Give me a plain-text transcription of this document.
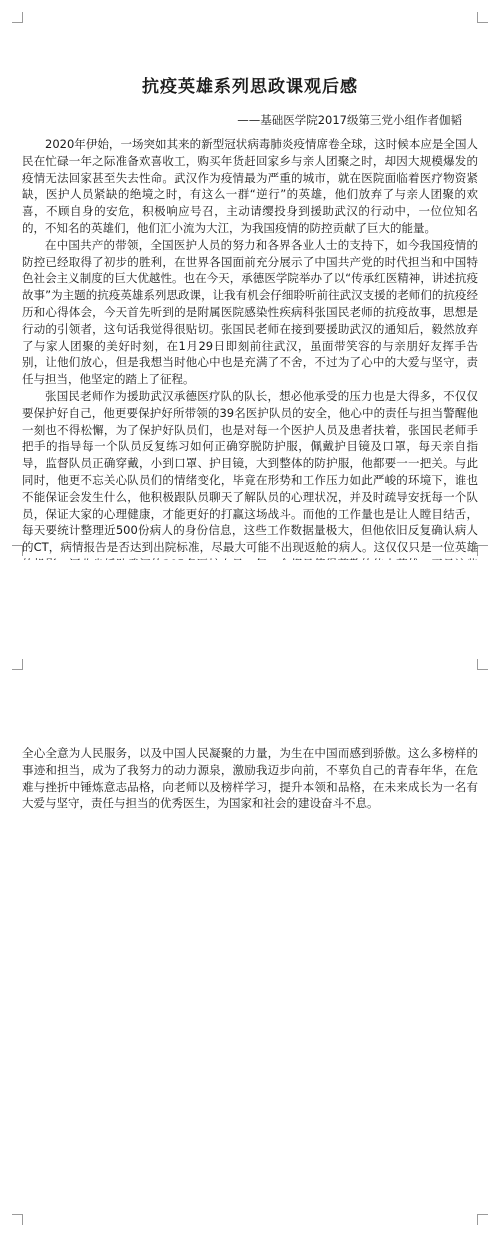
抗疫英雄系列思政课观后感

——基础医学院2017级第三党小组作者伽韬

2020年伊始，一场突如其来的新型冠状病毒肺炎疫情席卷全球，这时候本应是全国人民在忙碌一年之际准备欢喜收工，购买年货赶回家乡与亲人团聚之时，却因大规模爆发的疫情无法回家甚至失去性命。武汉作为疫情最为严重的城市，就在医院面临着医疗物资紧缺，医护人员紧缺的绝境之时，有这么一群“逆行”的英雄，他们放弃了与亲人团聚的欢喜，不顾自身的安危，积极响应号召，主动请缨投身到援助武汉的行动中，一位位知名的，不知名的英雄们，他们汇小流为大江，为我国疫情的防控贡献了巨大的能量。

在中国共产的带领，全国医护人员的努力和各界各业人士的支持下，如今我国疫情的防控已经取得了初步的胜利，在世界各国面前充分展示了中国共产党的时代担当和中国特色社会主义制度的巨大优越性。也在今天，承德医学院举办了以“传承红医精神，讲述抗疫故事”为主题的抗疫英雄系列思政课，让我有机会仔细聆听前往武汉支援的老师们的抗疫经历和心得体会，今天首先听到的是附属医院感染性疾病科张国民老师的抗疫故事，思想是行动的引领者，这句话我觉得很贴切。张国民老师在接到要援助武汉的通知后，毅然放弃了与家人团聚的美好时刻，在1月29日即刻前往武汉，虽面带笑容的与亲朋好友挥手告别，让他们放心，但是我想当时他心中也是充满了不舍，不过为了心中的大爱与坚守，责任与担当，他坚定的踏上了征程。

张国民老师作为援助武汉承德医疗队的队长，想必他承受的压力也是大得多，不仅仅要保护好自己，他更要保护好所带领的39名医护队员的安全，他心中的责任与担当警醒他一刻也不得松懈，为了保护好队员们，也是对每一个医护人员及患者扶着，张国民老师手把手的指导每一个队员反复练习如何正确穿脱防护服，佩戴护目镜及口罩，每天亲自指导，监督队员正确穿戴，小到口罩、护目镜，大到整体的防护服，他都要一一把关。与此同时，他更不忘关心队员们的情绪变化，毕竟在形势和工作压力如此严峻的环境下，谁也不能保证会发生什么，他积极跟队员聊天了解队员的心理状况，并及时疏导安抚每一个队员，保证大家的心理健康，才能更好的打赢这场战斗。而他的工作量也是让人瞠目结舌，每天要统计整理近500份病人的身份信息，这些工作数据量极大，但他依旧反复确认病人的CT，病情报告是否达到出院标准，尽最大可能不出现返舱的病人。这仅仅只是一位英雄

全心全意为人民服务，以及中国人民凝聚的力量，为生在中国而感到骄傲。这么多榜样的事迹和担当，成为了我努力的动力源泉，激励我迈步向前，不辜负自己的青春年华，在危难与挫折中锤炼意志品格，向老师以及榜样学习，提升本领和品格，在未来成长为一名有大爱与坚守，责任与担当的优秀医生，为国家和社会的建设奋斗不息。
